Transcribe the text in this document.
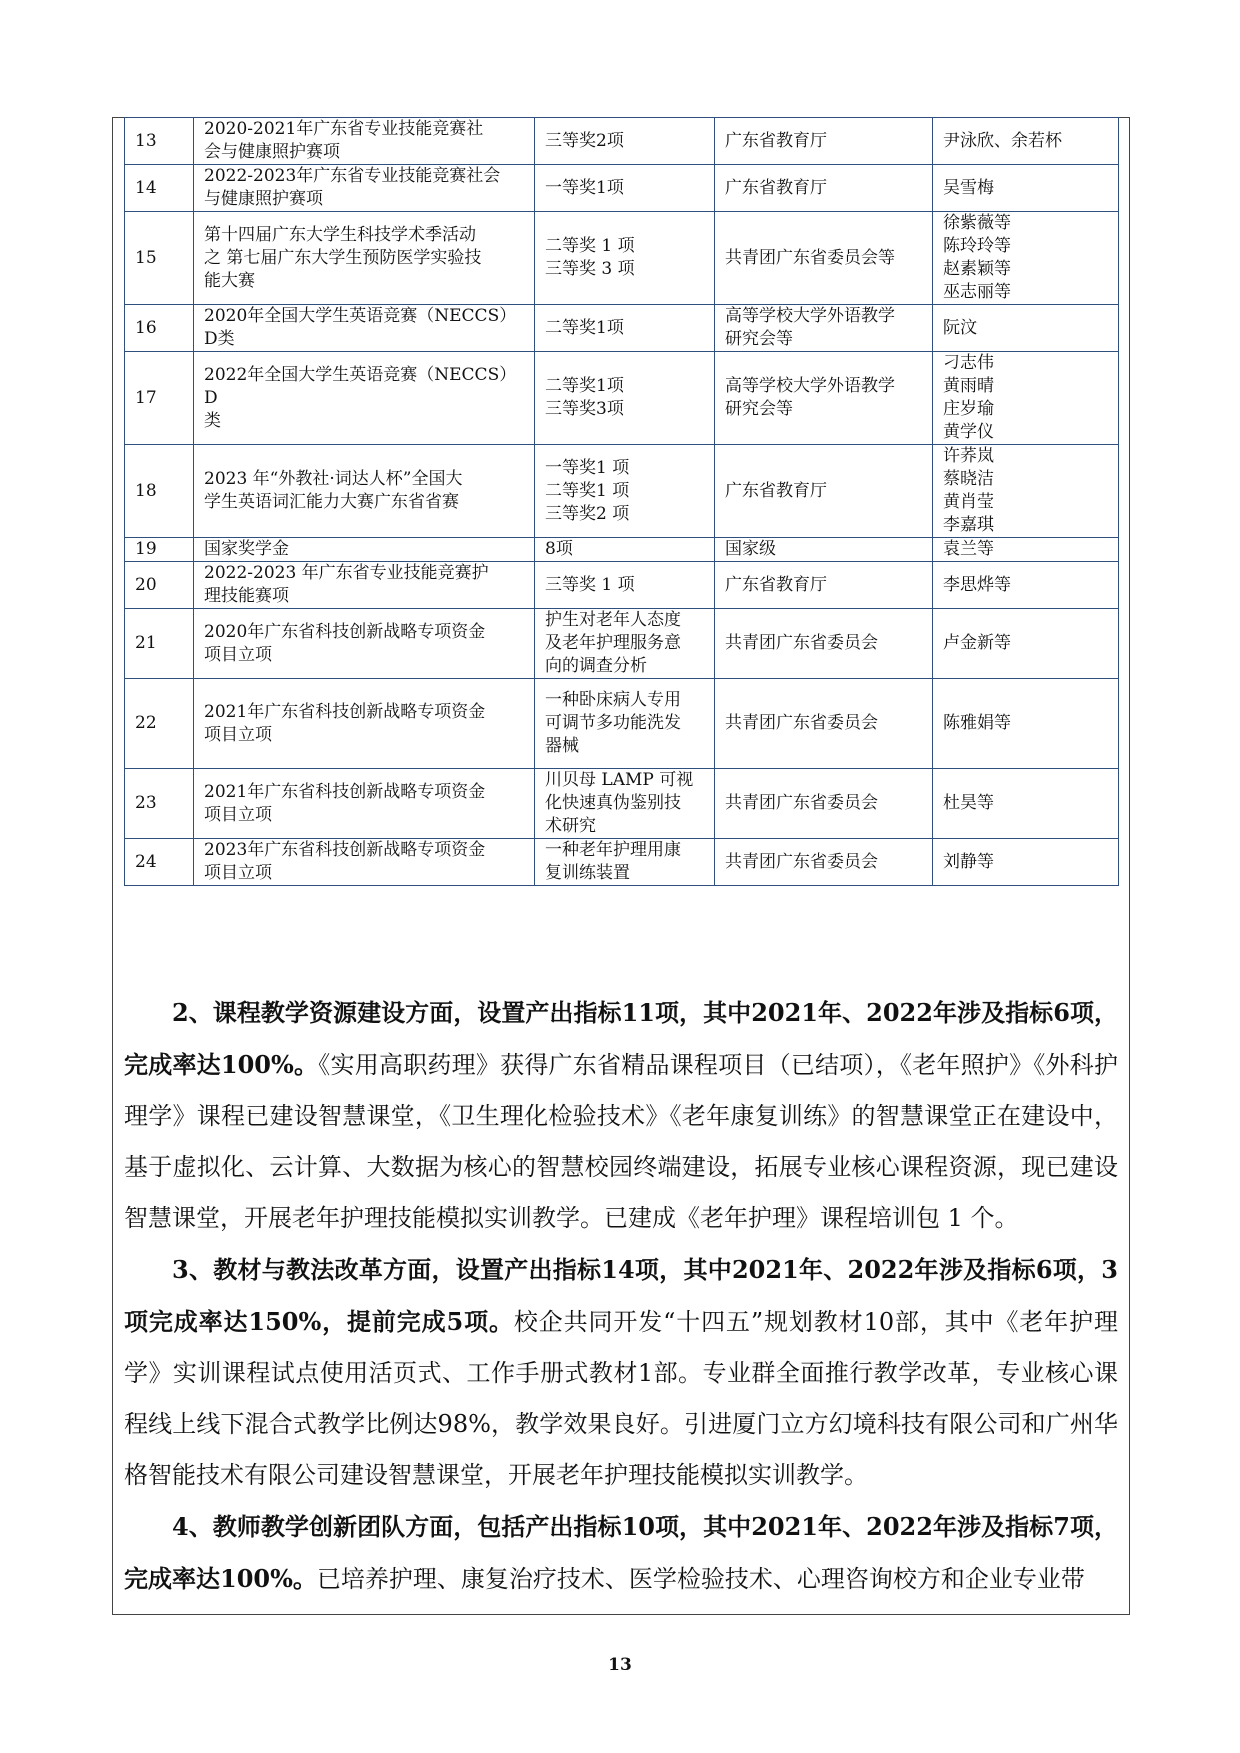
13	2020-2021年广东省专业技能竞赛社
会与健康照护赛项	三等奖2项	广东省教育厅	尹泳欣、余若杯
14	2022-2023年广东省专业技能竞赛社会
与健康照护赛项	一等奖1项	广东省教育厅	吴雪梅
15	第十四届广东大学生科技学术季活动
之 第七届广东大学生预防医学实验技
能大赛	二等奖 1 项
三等奖 3 项	共青团广东省委员会等	徐紫薇等
陈玲玲等
赵素颖等
巫志丽等
16	2020年全国大学生英语竞赛（NECCS）
D类	二等奖1项	高等学校大学外语教学
研究会等	阮汶
17	2022年全国大学生英语竞赛（NECCS）D
类	二等奖1项
三等奖3项	高等学校大学外语教学
研究会等	刁志伟
黄雨晴
庄岁瑜
黄学仪
18	2023 年“外教社·词达人杯”全国大
学生英语词汇能力大赛广东省省赛	一等奖1 项
二等奖1 项
三等奖2 项	广东省教育厅	许荞岚
蔡晓洁
黄肖莹
李嘉琪
19	国家奖学金	8项	国家级	袁兰等
20	2022-2023 年广东省专业技能竞赛护
理技能赛项	三等奖 1 项	广东省教育厅	李思烨等
21	2020年广东省科技创新战略专项资金
项目立项	护生对老年人态度
及老年护理服务意
向的调查分析	共青团广东省委员会	卢金新等
22	2021年广东省科技创新战略专项资金
项目立项	一种卧床病人专用
可调节多功能洗发
器械	共青团广东省委员会	陈雅娟等
23	2021年广东省科技创新战略专项资金
项目立项	川贝母 LAMP 可视
化快速真伪鉴别技
术研究	共青团广东省委员会	杜昊等
24	2023年广东省科技创新战略专项资金
项目立项	一种老年护理用康
复训练装置	共青团广东省委员会	刘静等

2、课程教学资源建设方面，设置产出指标11项，其中2021年、2022年涉及指标6项，完成率达100%。《实用高职药理》获得广东省精品课程项目（已结项），《老年照护》《外科护理学》课程已建设智慧课堂，《卫生理化检验技术》《老年康复训练》的智慧课堂正在建设中，基于虚拟化、云计算、大数据为核心的智慧校园终端建设，拓展专业核心课程资源，现已建设智慧课堂，开展老年护理技能模拟实训教学。已建成《老年护理》课程培训包 1 个。

3、教材与教法改革方面，设置产出指标14项，其中2021年、2022年涉及指标6项，3项完成率达150%，提前完成5项。校企共同开发“十四五”规划教材10部，其中《老年护理学》实训课程试点使用活页式、工作手册式教材1部。专业群全面推行教学改革，专业核心课程线上线下混合式教学比例达98%，教学效果良好。引进厦门立方幻境科技有限公司和广州华格智能技术有限公司建设智慧课堂，开展老年护理技能模拟实训教学。

4、教师教学创新团队方面，包括产出指标10项，其中2021年、2022年涉及指标7项，完成率达100%。已培养护理、康复治疗技术、医学检验技术、心理咨询校方和企业专业带

13
